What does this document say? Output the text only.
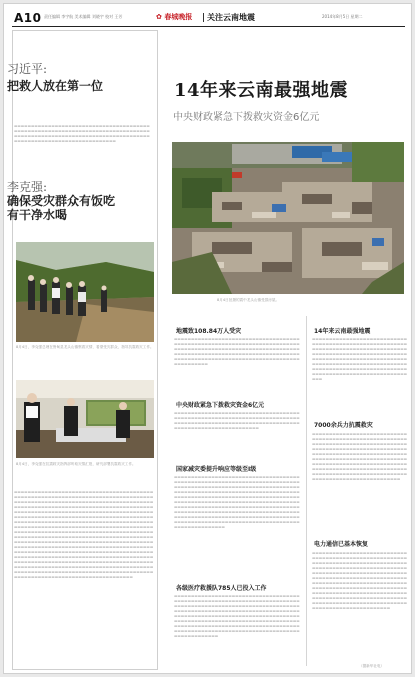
A10 责任编辑 李宇航 美术编辑 刘晓宇 校对 王芳	✿ 春城晚报	关注云南地震	2014年8月5日 星期二
习近平:
把救人放在第一位
▬▬▬▬▬▬▬▬▬▬▬▬▬▬▬▬▬▬▬▬▬▬▬▬▬▬▬▬▬▬▬▬▬▬▬▬▬▬▬▬▬▬▬▬▬▬▬▬▬▬▬▬▬▬▬▬▬▬▬▬▬▬▬▬▬▬▬▬▬▬▬▬▬▬▬▬▬▬▬▬▬▬▬▬▬▬▬▬▬▬▬▬▬▬▬▬▬▬▬▬▬▬▬▬▬▬▬▬▬▬▬▬▬▬▬▬▬▬▬▬▬▬▬▬▬▬▬▬▬▬▬▬▬▬▬▬▬▬▬▬▬▬▬▬▬▬▬▬▬▬
李克强:
确保受灾群众有饭吃
有干净水喝
8月4日，李克强总理在鲁甸县龙头山镇察看灾情，看望受灾群众，指导抗震救灾工作。
8月4日，李克强在抗震救灾指挥部听取灾情汇报，研究部署抗震救灾工作。
▬▬▬▬▬▬▬▬▬▬▬▬▬▬▬▬▬▬▬▬▬▬▬▬▬▬▬▬▬▬▬▬▬▬▬▬▬▬▬▬▬▬▬▬▬▬▬▬▬▬▬▬▬▬▬▬▬▬▬▬▬▬▬▬▬▬▬▬▬▬▬▬▬▬▬▬▬▬▬▬▬▬▬▬▬▬▬▬▬▬▬▬▬▬▬▬▬▬▬▬▬▬▬▬▬▬▬▬▬▬▬▬▬▬▬▬▬▬▬▬▬▬▬▬▬▬▬▬▬▬▬▬▬▬▬▬▬▬▬▬▬▬▬▬▬▬▬▬▬▬▬▬▬▬▬▬▬▬▬▬▬▬▬▬▬▬▬▬▬▬▬▬▬▬▬▬▬▬▬▬▬▬▬▬▬▬▬▬▬▬▬▬▬▬▬▬▬▬▬▬▬▬▬▬▬▬▬▬▬▬▬▬▬▬▬▬▬▬▬▬▬▬▬▬▬▬▬▬▬▬▬▬▬▬▬▬▬▬▬▬▬▬▬▬▬▬▬▬▬▬▬▬▬▬▬▬▬▬▬▬▬▬▬▬▬▬▬▬▬▬▬▬▬▬▬▬▬▬▬▬▬▬▬▬▬▬▬▬▬▬▬▬▬▬▬▬▬▬▬▬▬▬▬▬▬▬▬▬▬▬▬▬▬▬▬▬▬▬▬▬▬▬▬▬▬▬▬▬▬▬▬▬▬▬▬▬▬▬▬▬▬▬▬▬▬▬▬▬▬▬▬▬▬▬▬▬▬▬▬▬▬▬▬▬▬▬▬▬▬▬▬▬▬▬▬▬▬▬▬▬▬▬▬▬▬▬▬▬▬▬▬▬▬▬▬▬▬▬▬▬▬▬▬▬▬▬▬▬▬▬▬▬▬▬▬▬▬▬▬▬▬▬▬▬▬▬▬▬▬▬▬▬▬▬▬▬▬▬▬▬▬▬▬▬▬▬▬▬▬▬▬▬▬▬▬▬▬▬▬▬▬▬▬▬▬▬▬▬▬▬▬▬▬▬▬▬▬▬▬▬▬▬▬▬▬▬▬▬▬▬▬▬▬▬▬▬▬▬▬▬▬▬▬▬▬▬▬▬▬▬▬▬▬▬▬▬▬▬▬▬▬▬▬▬▬▬▬▬▬▬▬▬▬▬▬▬▬▬▬▬▬▬▬▬▬▬▬▬▬▬▬▬▬▬▬▬▬▬▬▬▬▬▬▬▬▬▬▬▬▬▬▬▬▬▬▬▬▬▬▬▬▬▬▬▬▬▬▬▬▬▬▬▬▬▬▬▬▬▬▬▬▬▬▬▬▬▬▬▬▬▬▬▬▬▬▬▬▬▬▬▬▬▬▬▬▬▬▬▬▬▬▬▬▬▬▬▬▬▬▬▬▬▬▬▬▬▬▬▬▬▬▬▬▬▬▬▬▬▬▬▬▬▬▬▬▬▬▬▬▬▬▬▬▬▬▬▬▬▬▬▬▬▬▬▬▬▬▬▬▬▬▬▬▬▬▬▬▬▬▬▬▬▬▬▬▬▬▬▬▬▬▬▬▬▬▬▬▬▬▬▬▬▬▬▬▬▬▬▬▬▬▬
14年来云南最强地震
中央财政紧急下拨救灾资金6亿元
8月4日拍摄的震中龙头山镇受损房屋。
地震致108.84万人受灾
▬▬▬▬▬▬▬▬▬▬▬▬▬▬▬▬▬▬▬▬▬▬▬▬▬▬▬▬▬▬▬▬▬▬▬▬▬▬▬▬▬▬▬▬▬▬▬▬▬▬▬▬▬▬▬▬▬▬▬▬▬▬▬▬▬▬▬▬▬▬▬▬▬▬▬▬▬▬▬▬▬▬▬▬▬▬▬▬▬▬▬▬▬▬▬▬▬▬▬▬▬▬▬▬▬▬▬▬▬▬▬▬▬▬▬▬▬▬▬▬▬▬▬▬▬▬▬▬▬▬▬▬▬▬▬▬▬▬▬▬▬▬▬▬▬▬▬▬▬▬▬▬▬▬▬▬▬▬▬▬▬▬▬▬▬▬▬▬▬▬▬▬▬▬▬▬▬▬▬▬▬▬▬▬▬▬▬▬▬▬▬▬▬▬▬
中央财政紧急下拨救灾资金6亿元
▬▬▬▬▬▬▬▬▬▬▬▬▬▬▬▬▬▬▬▬▬▬▬▬▬▬▬▬▬▬▬▬▬▬▬▬▬▬▬▬▬▬▬▬▬▬▬▬▬▬▬▬▬▬▬▬▬▬▬▬▬▬▬▬▬▬▬▬▬▬▬▬▬▬▬▬▬▬▬▬▬▬▬▬▬▬▬▬▬▬▬▬▬▬▬▬▬▬▬▬▬▬▬▬▬▬▬▬▬▬▬▬▬▬▬▬▬▬▬▬▬▬▬▬▬▬▬▬▬▬▬▬▬▬▬▬
国家减灾委提升响应等级至Ⅰ级
▬▬▬▬▬▬▬▬▬▬▬▬▬▬▬▬▬▬▬▬▬▬▬▬▬▬▬▬▬▬▬▬▬▬▬▬▬▬▬▬▬▬▬▬▬▬▬▬▬▬▬▬▬▬▬▬▬▬▬▬▬▬▬▬▬▬▬▬▬▬▬▬▬▬▬▬▬▬▬▬▬▬▬▬▬▬▬▬▬▬▬▬▬▬▬▬▬▬▬▬▬▬▬▬▬▬▬▬▬▬▬▬▬▬▬▬▬▬▬▬▬▬▬▬▬▬▬▬▬▬▬▬▬▬▬▬▬▬▬▬▬▬▬▬▬▬▬▬▬▬▬▬▬▬▬▬▬▬▬▬▬▬▬▬▬▬▬▬▬▬▬▬▬▬▬▬▬▬▬▬▬▬▬▬▬▬▬▬▬▬▬▬▬▬▬▬▬▬▬▬▬▬▬▬▬▬▬▬▬▬▬▬▬▬▬▬▬▬▬▬▬▬▬▬▬▬▬▬▬▬▬▬▬▬▬▬▬▬▬▬▬▬▬▬▬▬▬▬▬▬▬▬▬▬▬▬▬▬▬▬▬▬▬▬▬▬▬▬▬▬▬▬▬▬▬▬▬▬▬▬▬▬▬▬▬▬▬▬▬▬▬▬▬▬▬▬▬▬▬▬▬▬▬▬▬▬▬▬▬▬▬▬▬▬▬▬▬▬▬▬▬▬▬▬▬▬▬▬▬▬▬▬▬▬▬▬▬▬▬▬▬▬▬▬▬▬▬▬▬▬▬▬▬▬▬▬▬▬▬▬▬▬▬▬▬▬▬▬▬▬▬▬▬▬▬▬▬▬▬▬▬▬▬▬▬
各级医疗救援队785人已投入工作
▬▬▬▬▬▬▬▬▬▬▬▬▬▬▬▬▬▬▬▬▬▬▬▬▬▬▬▬▬▬▬▬▬▬▬▬▬▬▬▬▬▬▬▬▬▬▬▬▬▬▬▬▬▬▬▬▬▬▬▬▬▬▬▬▬▬▬▬▬▬▬▬▬▬▬▬▬▬▬▬▬▬▬▬▬▬▬▬▬▬▬▬▬▬▬▬▬▬▬▬▬▬▬▬▬▬▬▬▬▬▬▬▬▬▬▬▬▬▬▬▬▬▬▬▬▬▬▬▬▬▬▬▬▬▬▬▬▬▬▬▬▬▬▬▬▬▬▬▬▬▬▬▬▬▬▬▬▬▬▬▬▬▬▬▬▬▬▬▬▬▬▬▬▬▬▬▬▬▬▬▬▬▬▬▬▬▬▬▬▬▬▬▬▬▬▬▬▬▬▬▬▬▬▬▬▬▬▬▬▬▬▬▬▬▬▬▬▬▬▬▬▬▬▬▬▬▬▬▬▬▬▬▬▬▬▬▬▬▬▬▬▬▬▬▬▬▬▬▬▬▬▬▬▬▬▬▬▬▬▬▬▬▬▬▬▬▬▬▬▬▬▬▬▬▬▬▬▬▬▬▬▬▬▬▬▬▬▬▬▬▬▬▬▬▬▬▬▬▬▬▬▬▬▬▬▬▬▬▬
14年来云南最强地震
▬▬▬▬▬▬▬▬▬▬▬▬▬▬▬▬▬▬▬▬▬▬▬▬▬▬▬▬▬▬▬▬▬▬▬▬▬▬▬▬▬▬▬▬▬▬▬▬▬▬▬▬▬▬▬▬▬▬▬▬▬▬▬▬▬▬▬▬▬▬▬▬▬▬▬▬▬▬▬▬▬▬▬▬▬▬▬▬▬▬▬▬▬▬▬▬▬▬▬▬▬▬▬▬▬▬▬▬▬▬▬▬▬▬▬▬▬▬▬▬▬▬▬▬▬▬▬▬▬▬▬▬▬▬▬▬▬▬▬▬▬▬▬▬▬▬▬▬▬▬▬▬▬▬▬▬▬▬▬▬▬▬▬▬▬▬▬▬▬▬▬▬▬▬▬▬▬▬▬▬▬▬▬▬▬▬▬▬▬▬▬▬▬▬▬▬▬▬▬▬▬▬▬▬▬▬▬▬▬▬▬▬▬▬▬▬▬▬▬▬▬▬▬▬▬▬▬
7000余兵力抗震救灾
▬▬▬▬▬▬▬▬▬▬▬▬▬▬▬▬▬▬▬▬▬▬▬▬▬▬▬▬▬▬▬▬▬▬▬▬▬▬▬▬▬▬▬▬▬▬▬▬▬▬▬▬▬▬▬▬▬▬▬▬▬▬▬▬▬▬▬▬▬▬▬▬▬▬▬▬▬▬▬▬▬▬▬▬▬▬▬▬▬▬▬▬▬▬▬▬▬▬▬▬▬▬▬▬▬▬▬▬▬▬▬▬▬▬▬▬▬▬▬▬▬▬▬▬▬▬▬▬▬▬▬▬▬▬▬▬▬▬▬▬▬▬▬▬▬▬▬▬▬▬▬▬▬▬▬▬▬▬▬▬▬▬▬▬▬▬▬▬▬▬▬▬▬▬▬▬▬▬▬▬▬▬▬▬▬▬▬▬▬▬▬▬▬▬▬▬▬▬▬▬▬▬▬▬▬▬▬▬▬▬▬▬▬▬▬▬▬▬▬▬▬▬▬▬▬▬▬▬▬▬▬▬▬▬▬▬▬▬▬▬▬▬▬▬▬▬▬▬▬▬▬▬▬▬▬▬▬▬▬▬▬▬▬▬▬▬▬▬▬▬▬▬▬▬▬▬▬▬
电力通信已基本恢复
▬▬▬▬▬▬▬▬▬▬▬▬▬▬▬▬▬▬▬▬▬▬▬▬▬▬▬▬▬▬▬▬▬▬▬▬▬▬▬▬▬▬▬▬▬▬▬▬▬▬▬▬▬▬▬▬▬▬▬▬▬▬▬▬▬▬▬▬▬▬▬▬▬▬▬▬▬▬▬▬▬▬▬▬▬▬▬▬▬▬▬▬▬▬▬▬▬▬▬▬▬▬▬▬▬▬▬▬▬▬▬▬▬▬▬▬▬▬▬▬▬▬▬▬▬▬▬▬▬▬▬▬▬▬▬▬▬▬▬▬▬▬▬▬▬▬▬▬▬▬▬▬▬▬▬▬▬▬▬▬▬▬▬▬▬▬▬▬▬▬▬▬▬▬▬▬▬▬▬▬▬▬▬▬▬▬▬▬▬▬▬▬▬▬▬▬▬▬▬▬▬▬▬▬▬▬▬▬▬▬▬▬▬▬▬▬▬▬▬▬▬▬▬▬▬▬▬▬▬▬▬▬▬▬▬▬▬▬▬▬▬▬▬▬▬▬▬▬▬▬▬▬▬▬▬▬▬▬▬▬▬▬▬▬▬▬▬▬▬▬▬▬▬▬▬▬▬▬▬▬▬▬▬▬▬▬▬▬▬▬▬▬▬▬▬▬▬▬▬▬▬▬▬▬▬▬▬▬▬▬▬▬▬▬▬▬▬▬▬▬▬▬▬▬▬▬▬▬▬▬▬
（据新华社电）
